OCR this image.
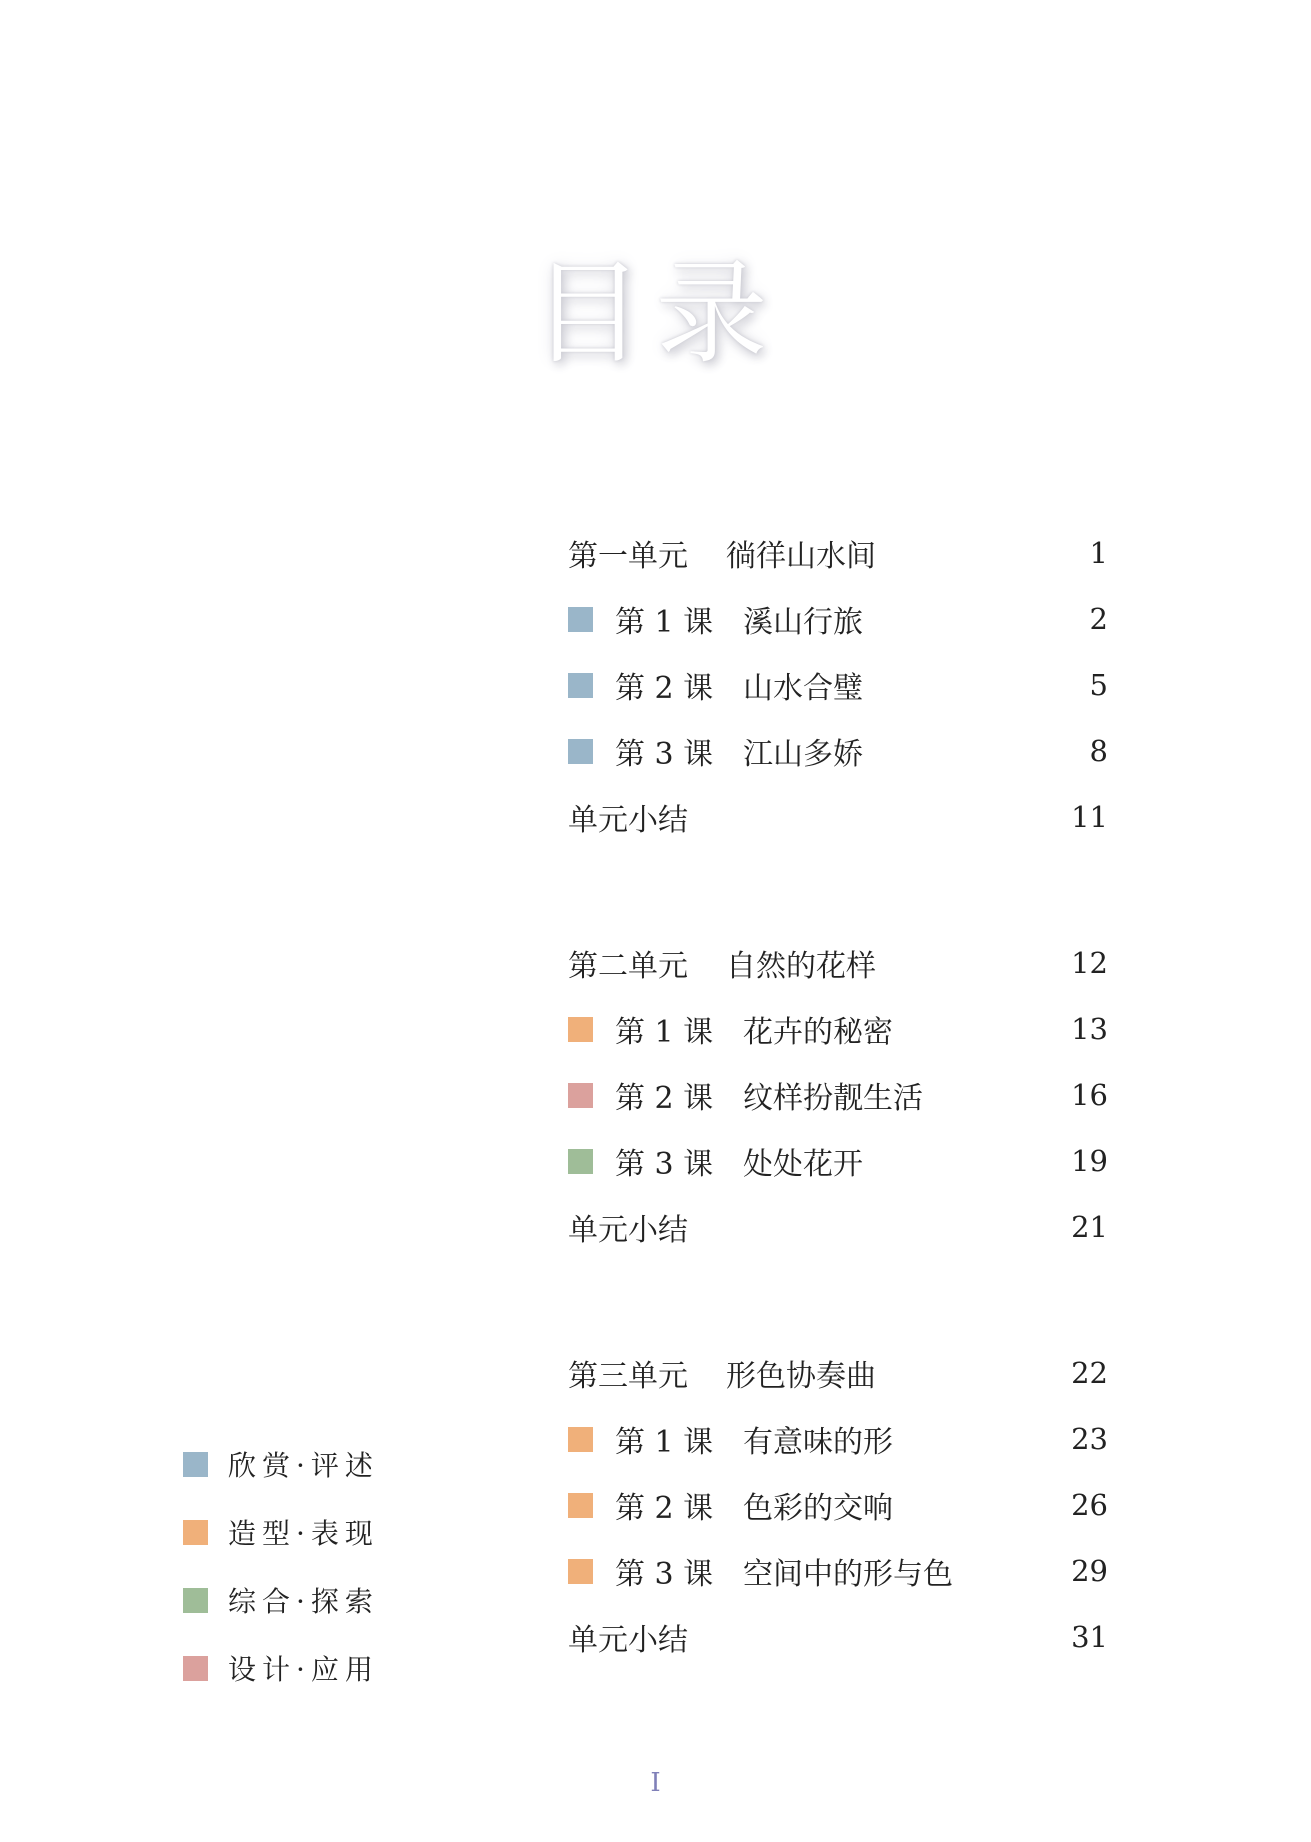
目录
第一单元	徜徉山水间	1
第 1 课 溪山行旅	2
第 2 课 山水合璧	5
第 3 课 江山多娇	8
单元小结	11
第二单元	自然的花样	12
第 1 课 花卉的秘密	13
第 2 课 纹样扮靓生活	16
第 3 课 处处花开	19
单元小结	21
第三单元	形色协奏曲	22
第 1 课 有意味的形	23
第 2 课 色彩的交响	26
第 3 课 空间中的形与色	29
单元小结	31
欣赏·评述
造型·表现
综合·探索
设计·应用
I
